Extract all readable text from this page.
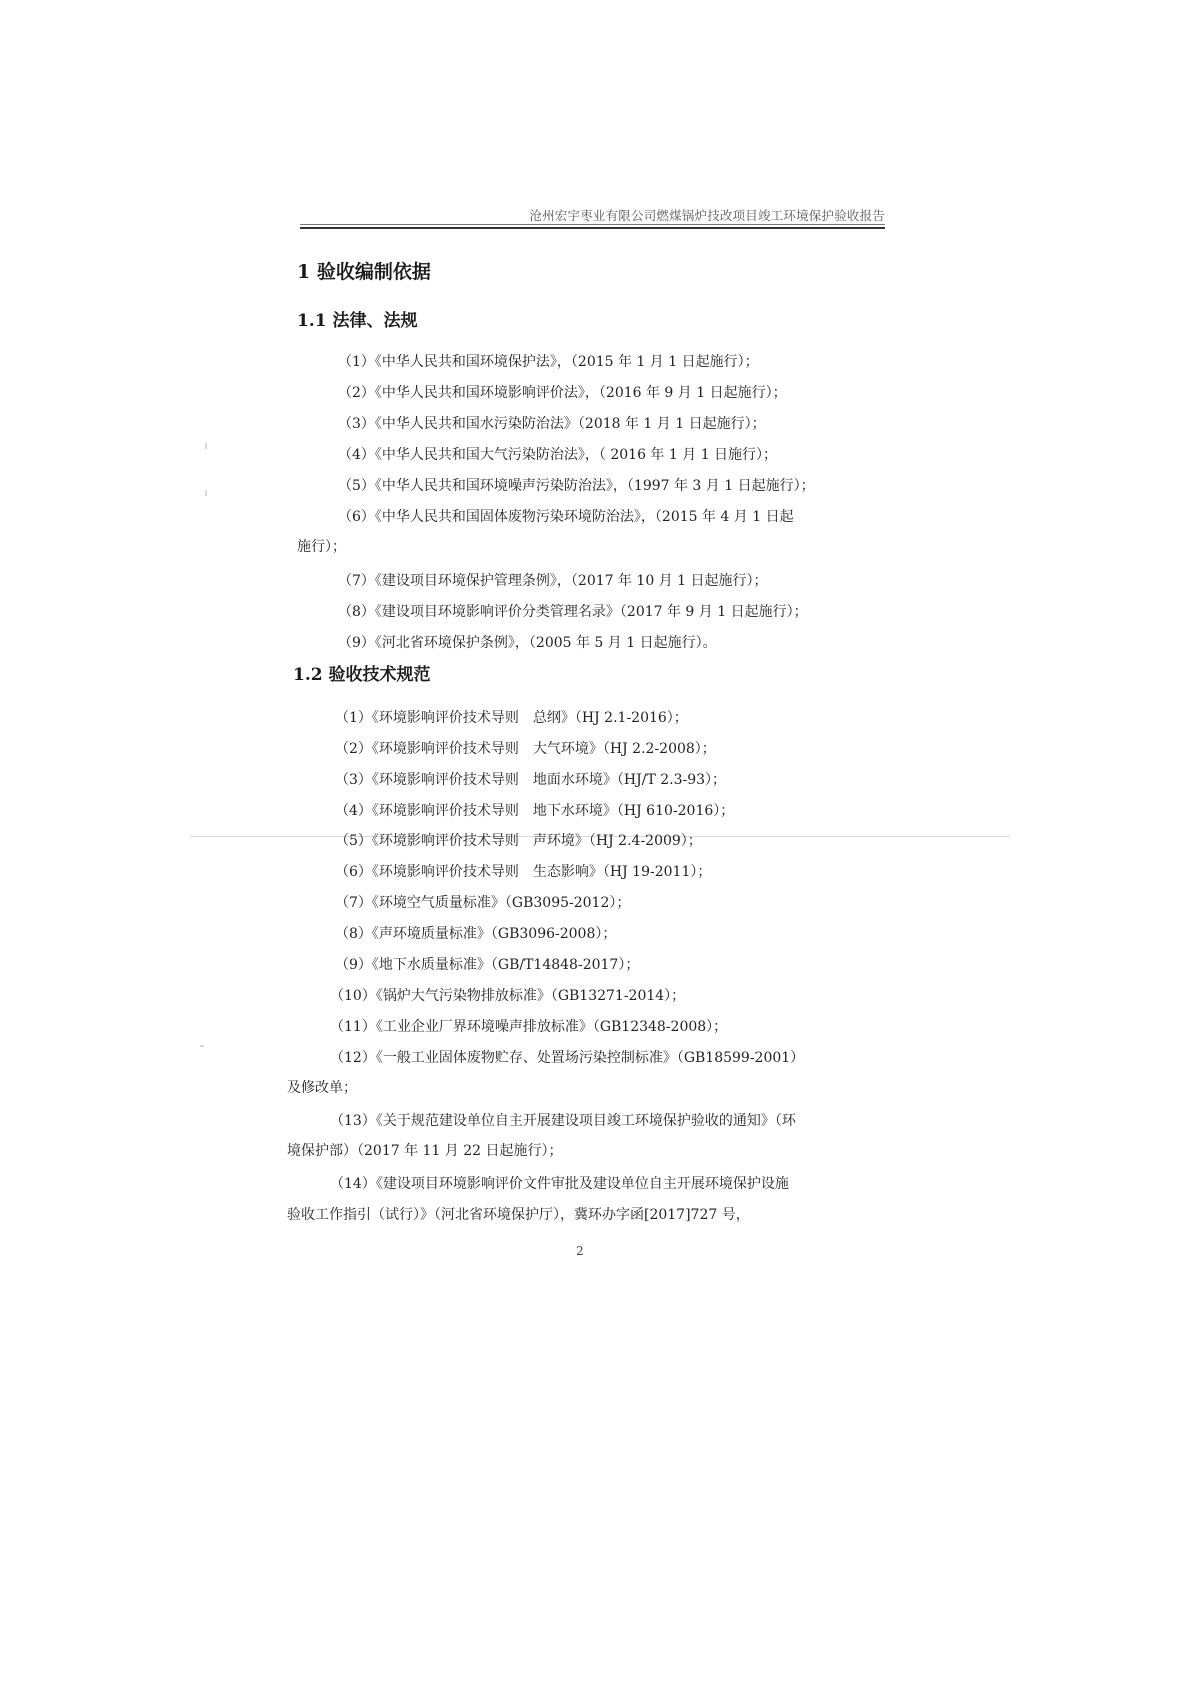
沧州宏宇枣业有限公司燃煤锅炉技改项目竣工环境保护验收报告
1 验收编制依据
1.1 法律、法规
（1）《中华人民共和国环境保护法》，（2015 年 1 月 1 日起施行）；
（2）《中华人民共和国环境影响评价法》，（2016 年 9 月 1 日起施行）；
（3）《中华人民共和国水污染防治法》（2018 年 1 月 1 日起施行）；
（4）《中华人民共和国大气污染防治法》，（ 2016 年 1 月 1 日施行）；
（5）《中华人民共和国环境噪声污染防治法》，（1997 年 3 月 1 日起施行）；
（6）《中华人民共和国固体废物污染环境防治法》，（2015 年 4 月 1 日起
施行）；
（7）《建设项目环境保护管理条例》，（2017 年 10 月 1 日起施行）；
（8）《建设项目环境影响评价分类管理名录》（2017 年 9 月 1 日起施行）；
（9）《河北省环境保护条例》，（2005 年 5 月 1 日起施行）。
1.2 验收技术规范
（1）《环境影响评价技术导则　总纲》（HJ 2.1-2016）；
（2）《环境影响评价技术导则　大气环境》（HJ 2.2-2008）；
（3）《环境影响评价技术导则　地面水环境》（HJ/T 2.3-93）；
（4）《环境影响评价技术导则　地下水环境》（HJ 610-2016）；
（5）《环境影响评价技术导则　声环境》（HJ 2.4-2009）；
（6）《环境影响评价技术导则　生态影响》（HJ 19-2011）；
（7）《环境空气质量标准》（GB3095-2012）；
（8）《声环境质量标准》（GB3096-2008）；
（9）《地下水质量标准》（GB/T14848-2017）；
（10）《锅炉大气污染物排放标准》（GB13271-2014）；
（11）《工业企业厂界环境噪声排放标准》（GB12348-2008）；
（12）《一般工业固体废物贮存、处置场污染控制标准》（GB18599-2001）
及修改单；
（13）《关于规范建设单位自主开展建设项目竣工环境保护验收的通知》（环
境保护部）（2017 年 11 月 22 日起施行）；
（14）《建设项目环境影响评价文件审批及建设单位自主开展环境保护设施
验收工作指引（试行）》（河北省环境保护厅），冀环办字函[2017]727 号，
2
